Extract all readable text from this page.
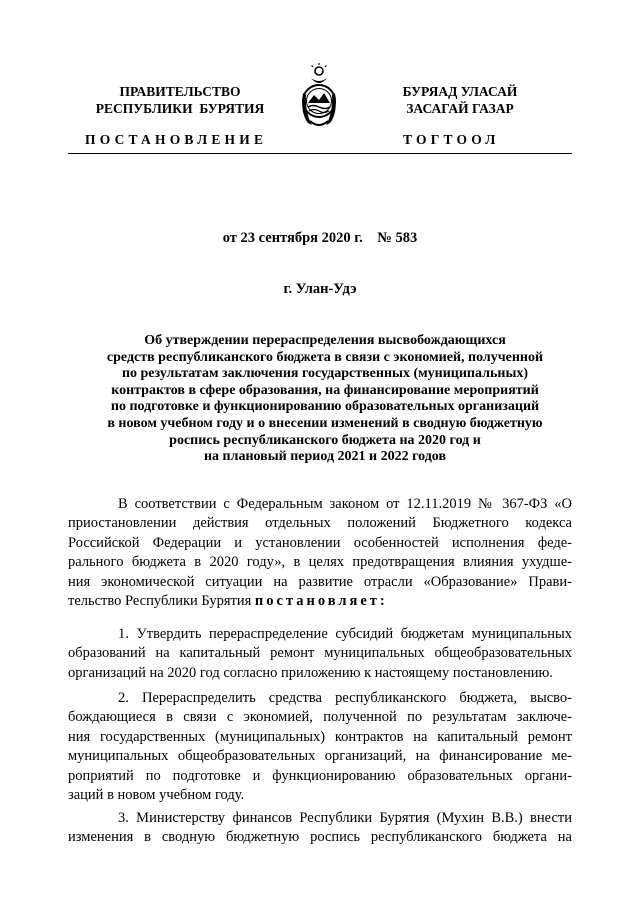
ПРАВИТЕЛЬСТВО
РЕСПУБЛИКИ  БУРЯТИЯ
БУРЯАД УЛАСАЙ
ЗАСАГАЙ ГАЗАР
ПОСТАНОВЛЕНИЕ	ТОГТООЛ
от 23 сентября 2020 г.    № 583
г. Улан-Удэ
Об утверждении перераспределения высвобождающихся
средств республиканского бюджета в связи с экономией, полученной
по результатам заключения государственных (муниципальных)
контрактов в сфере образования, на финансирование мероприятий
по подготовке и функционированию образовательных организаций
в новом учебном году и о внесении изменений в сводную бюджетную
роспись республиканского бюджета на 2020 год и
на плановый период 2021 и 2022 годов
В соответствии с Федеральным законом от 12.11.2019 № 367-ФЗ «О
приостановлении действия отдельных положений Бюджетного кодекса
Российской Федерации и установлении особенностей исполнения феде-
рального бюджета в 2020 году», в целях предотвращения влияния ухудше-
ния экономической ситуации на развитие отрасли «Образование» Прави-
тельство Республики Бурятия постановляет:
1. Утвердить перераспределение субсидий бюджетам муниципальных
образований на капитальный ремонт муниципальных общеобразовательных
организаций на 2020 год согласно приложению к настоящему постановлению.
2. Перераспределить средства республиканского бюджета, высво-
бождающиеся в связи с экономией, полученной по результатам заключе-
ния государственных (муниципальных) контрактов на капитальный ремонт
муниципальных общеобразовательных организаций, на финансирование ме-
роприятий по подготовке и функционированию образовательных органи-
заций в новом учебном году.
3. Министерству финансов Республики Бурятия (Мухин В.В.) внести
изменения в сводную бюджетную роспись республиканского бюджета на
